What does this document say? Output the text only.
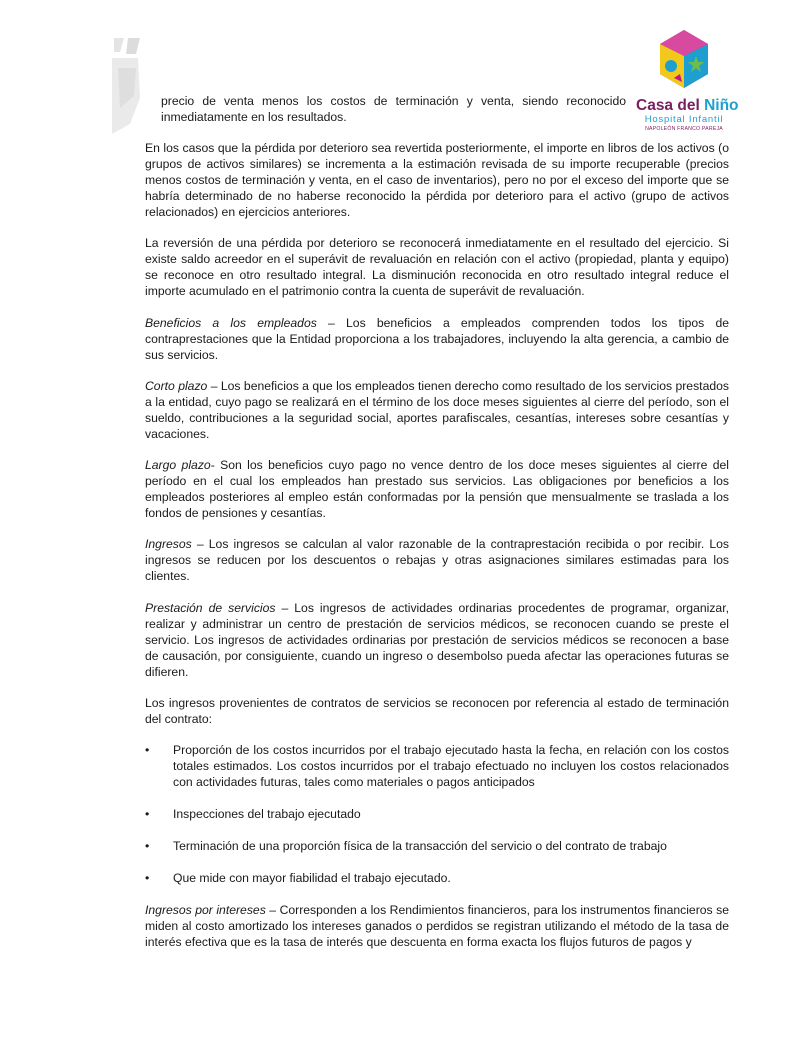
Casa del Niño
Hospital Infantil
NAPOLEÓN FRANCO PAREJA

precio de venta menos los costos de terminación y venta, siendo reconocido inmediatamente en los resultados.

En los casos que la pérdida por deterioro sea revertida posteriormente, el importe en libros de los activos (o grupos de activos similares) se incrementa a la estimación revisada de su importe recuperable (precios menos costos de terminación y venta, en el caso de inventarios), pero no por el exceso del importe que se habría determinado de no haberse reconocido la pérdida por deterioro para el activo (grupo de activos relacionados) en ejercicios anteriores.

La reversión de una pérdida por deterioro se reconocerá inmediatamente en el resultado del ejercicio. Si existe saldo acreedor en el superávit de revaluación en relación con el activo (propiedad, planta y equipo) se reconoce en otro resultado integral. La disminución reconocida en otro resultado integral reduce el importe acumulado en el patrimonio contra la cuenta de superávit de revaluación.

Beneficios a los empleados – Los beneficios a empleados comprenden todos los tipos de contraprestaciones que la Entidad proporciona a los trabajadores, incluyendo la alta gerencia, a cambio de sus servicios.

Corto plazo – Los beneficios a que los empleados tienen derecho como resultado de los servicios prestados a la entidad, cuyo pago se realizará en el término de los doce meses siguientes al cierre del período, son el sueldo, contribuciones a la seguridad social, aportes parafiscales, cesantías, intereses sobre cesantías y vacaciones.

Largo plazo- Son los beneficios cuyo pago no vence dentro de los doce meses siguientes al cierre del período en el cual los empleados han prestado sus servicios. Las obligaciones por beneficios a los empleados posteriores al empleo están conformadas por la pensión que mensualmente se traslada a los fondos de pensiones y cesantías.

Ingresos – Los ingresos se calculan al valor razonable de la contraprestación recibida o por recibir. Los ingresos se reducen por los descuentos o rebajas y otras asignaciones similares estimadas para los clientes.

Prestación de servicios – Los ingresos de actividades ordinarias procedentes de programar, organizar, realizar y administrar un centro de prestación de servicios médicos, se reconocen cuando se preste el servicio. Los ingresos de actividades ordinarias por prestación de servicios médicos se reconocen a base de causación, por consiguiente, cuando un ingreso o desembolso pueda afectar las operaciones futuras se difieren.

Los ingresos provenientes de contratos de servicios se reconocen por referencia al estado de terminación del contrato:

• Proporción de los costos incurridos por el trabajo ejecutado hasta la fecha, en relación con los costos totales estimados. Los costos incurridos por el trabajo efectuado no incluyen los costos relacionados con actividades futuras, tales como materiales o pagos anticipados
• Inspecciones del trabajo ejecutado
• Terminación de una proporción física de la transacción del servicio o del contrato de trabajo
• Que mide con mayor fiabilidad el trabajo ejecutado.

Ingresos por intereses – Corresponden a los Rendimientos financieros, para los instrumentos financieros se miden al costo amortizado los intereses ganados o perdidos se registran utilizando el método de la tasa de interés efectiva que es la tasa de interés que descuenta en forma exacta los flujos futuros de pagos y
